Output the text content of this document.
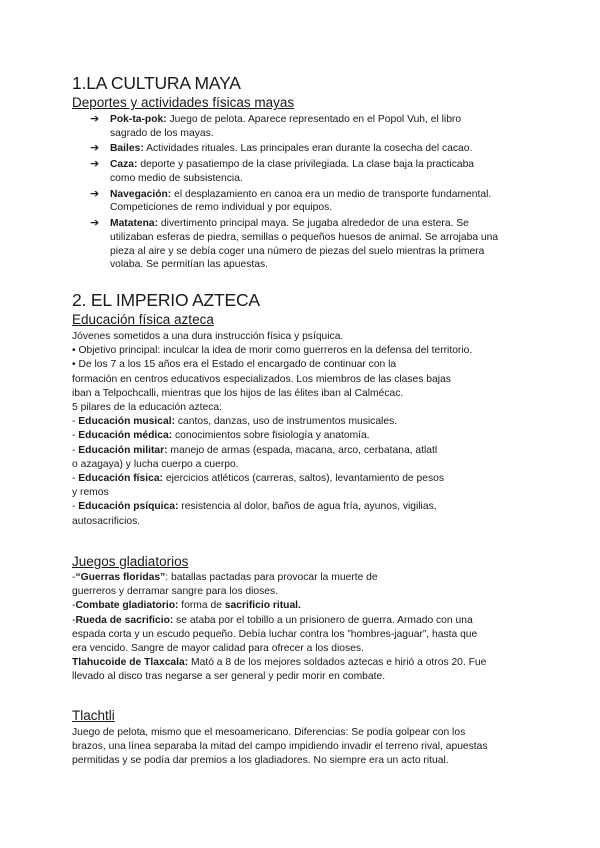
1.LA CULTURA MAYA
Deportes y actividades físicas mayas
➔ Pok-ta-pok: Juego de pelota. Aparece representado en el Popol Vuh, el libro
sagrado de los mayas.
➔ Bailes: Actividades rituales. Las principales eran durante la cosecha del cacao.
➔ Caza: deporte y pasatiempo de la clase privilegiada. La clase baja la practicaba
como medio de subsistencia.
➔ Navegación: el desplazamiento en canoa era un medio de transporte fundamental.
Competiciones de remo individual y por equipos.
➔ Matatena: divertimento principal maya. Se jugaba alrededor de una estera. Se
utilizaban esferas de piedra, semillas o pequeños huesos de animal. Se arrojaba una
pieza al aire y se debía coger una número de piezas del suelo mientras la primera
volaba. Se permitían las apuestas.
2. EL IMPERIO AZTECA
Educación física azteca
Jóvenes sometidos a una dura instrucción física y psíquica.
• Objetivo principal: inculcar la idea de morir como guerreros en la defensa del territorio.
• De los 7 a los 15 años era el Estado el encargado de continuar con la
formación en centros educativos especializados. Los miembros de las clases bajas
iban a Telpochcalli, mientras que los hijos de las élites iban al Calmécac.
5 pilares de la educación azteca:
- Educación musical: cantos, danzas, uso de instrumentos musicales.
- Educación médica: conocimientos sobre fisiología y anatomía.
- Educación militar: manejo de armas (espada, macana, arco, cerbatana, atlatl
o azagaya) y lucha cuerpo a cuerpo.
- Educación física: ejercicios atléticos (carreras, saltos), levantamiento de pesos
y remos
- Educación psíquica: resistencia al dolor, baños de agua fría, ayunos, vigilias,
autosacrificios.
Juegos gladiatorios
-“Guerras floridas”: batallas pactadas para provocar la muerte de
guerreros y derramar sangre para los dioses.
-Combate gladiatorio: forma de sacrificio ritual.
-Rueda de sacrificio: se ataba por el tobillo a un prisionero de guerra. Armado con una
espada corta y un escudo pequeño. Debía luchar contra los ”hombres-jaguar”, hasta que
era vencido. Sangre de mayor calidad para ofrecer a los dioses.
Tlahucoide de Tlaxcala: Mató a 8 de los mejores soldados aztecas e hirió a otros 20. Fue
llevado al disco tras negarse a ser general y pedir morir en combate.
Tlachtli
Juego de pelota, mismo que el mesoamericano. Diferencias: Se podía golpear con los
brazos, una línea separaba la mitad del campo impidiendo invadir el terreno rival, apuestas
permitidas y se podía dar premios a los gladiadores. No siempre era un acto ritual.
